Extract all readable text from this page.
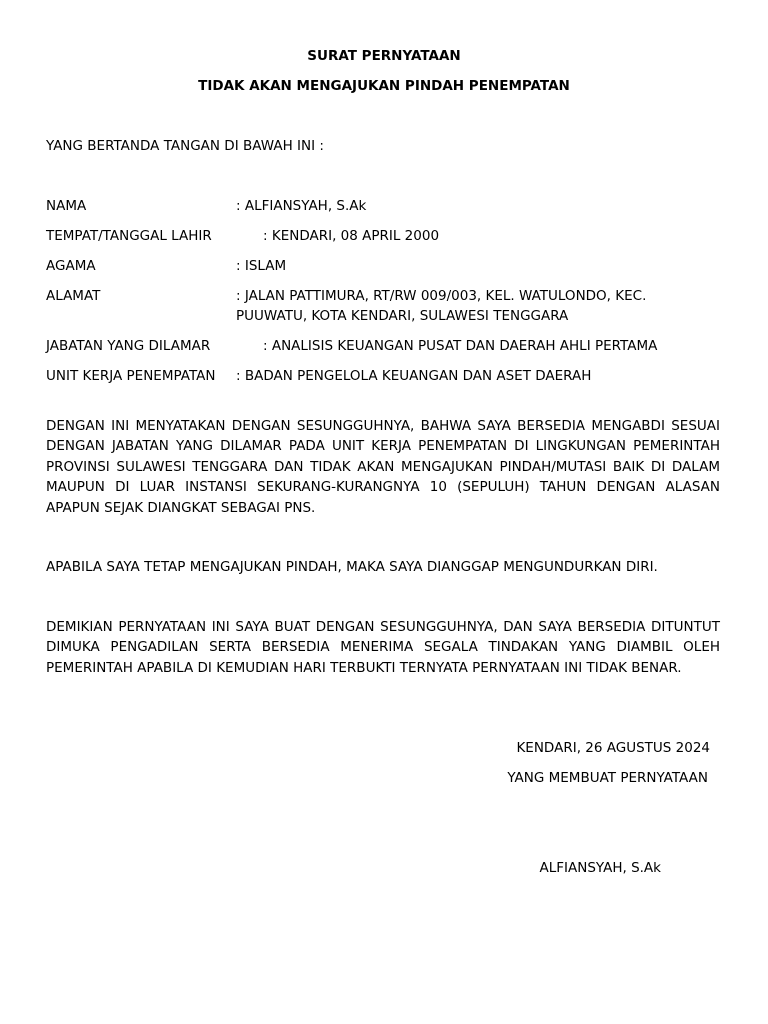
SURAT PERNYATAAN
TIDAK AKAN MENGAJUKAN PINDAH PENEMPATAN
YANG BERTANDA TANGAN DI BAWAH INI :
NAMA	: ALFIANSYAH, S.Ak
TEMPAT/TANGGAL LAHIR	: KENDARI, 08 APRIL 2000
AGAMA	: ISLAM
ALAMAT	: JALAN PATTIMURA, RT/RW 009/003, KEL. WATULONDO, KEC.
PUUWATU, KOTA KENDARI, SULAWESI TENGGARA
JABATAN YANG DILAMAR	: ANALISIS KEUANGAN PUSAT DAN DAERAH AHLI PERTAMA
UNIT KERJA PENEMPATAN : BADAN PENGELOLA KEUANGAN DAN ASET DAERAH
DENGAN INI MENYATAKAN DENGAN SESUNGGUHNYA, BAHWA SAYA BERSEDIA MENGABDI SESUAI DENGAN JABATAN YANG DILAMAR PADA UNIT KERJA PENEMPATAN DI LINGKUNGAN PEMERINTAH PROVINSI SULAWESI TENGGARA DAN TIDAK AKAN MENGAJUKAN PINDAH/MUTASI BAIK DI DALAM MAUPUN DI LUAR INSTANSI SEKURANG-KURANGNYA 10 (SEPULUH) TAHUN DENGAN ALASAN APAPUN SEJAK DIANGKAT SEBAGAI PNS.
APABILA SAYA TETAP MENGAJUKAN PINDAH, MAKA SAYA DIANGGAP MENGUNDURKAN DIRI.
DEMIKIAN PERNYATAAN INI SAYA BUAT DENGAN SESUNGGUHNYA, DAN SAYA BERSEDIA DITUNTUT DIMUKA PENGADILAN SERTA BERSEDIA MENERIMA SEGALA TINDAKAN YANG DIAMBIL OLEH PEMERINTAH APABILA DI KEMUDIAN HARI TERBUKTI TERNYATA PERNYATAAN INI TIDAK BENAR.
KENDARI, 26 AGUSTUS 2024
YANG MEMBUAT PERNYATAAN
ALFIANSYAH, S.Ak
